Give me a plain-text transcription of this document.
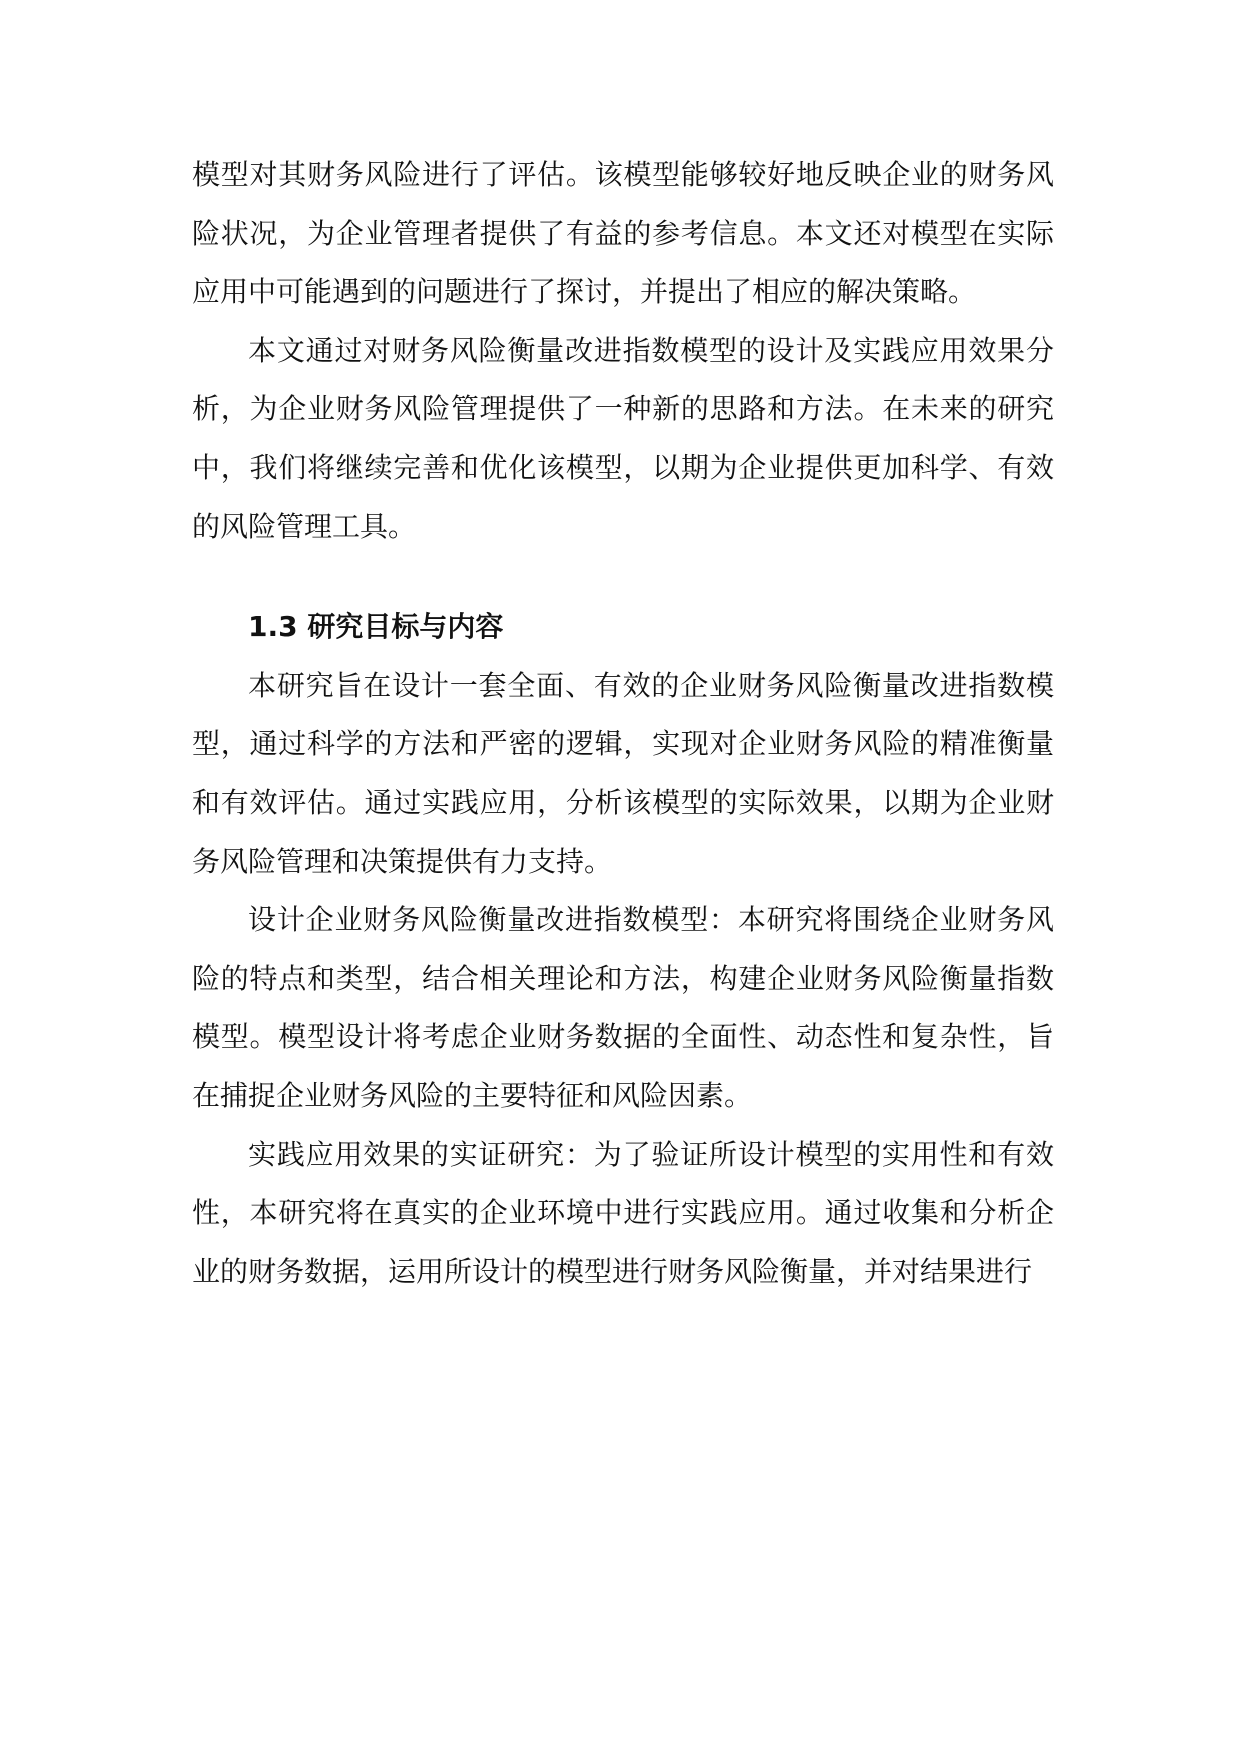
模型对其财务风险进行了评估。该模型能够较好地反映企业的财务风险状况，为企业管理者提供了有益的参考信息。本文还对模型在实际应用中可能遇到的问题进行了探讨，并提出了相应的解决策略。

本文通过对财务风险衡量改进指数模型的设计及实践应用效果分析，为企业财务风险管理提供了一种新的思路和方法。在未来的研究中，我们将继续完善和优化该模型，以期为企业提供更加科学、有效的风险管理工具。

1.3 研究目标与内容

本研究旨在设计一套全面、有效的企业财务风险衡量改进指数模型，通过科学的方法和严密的逻辑，实现对企业财务风险的精准衡量和有效评估。通过实践应用，分析该模型的实际效果，以期为企业财务风险管理和决策提供有力支持。

设计企业财务风险衡量改进指数模型：本研究将围绕企业财务风险的特点和类型，结合相关理论和方法，构建企业财务风险衡量指数模型。模型设计将考虑企业财务数据的全面性、动态性和复杂性，旨在捕捉企业财务风险的主要特征和风险因素。

实践应用效果的实证研究：为了验证所设计模型的实用性和有效性，本研究将在真实的企业环境中进行实践应用。通过收集和分析企业的财务数据，运用所设计的模型进行财务风险衡量，并对结果进行
